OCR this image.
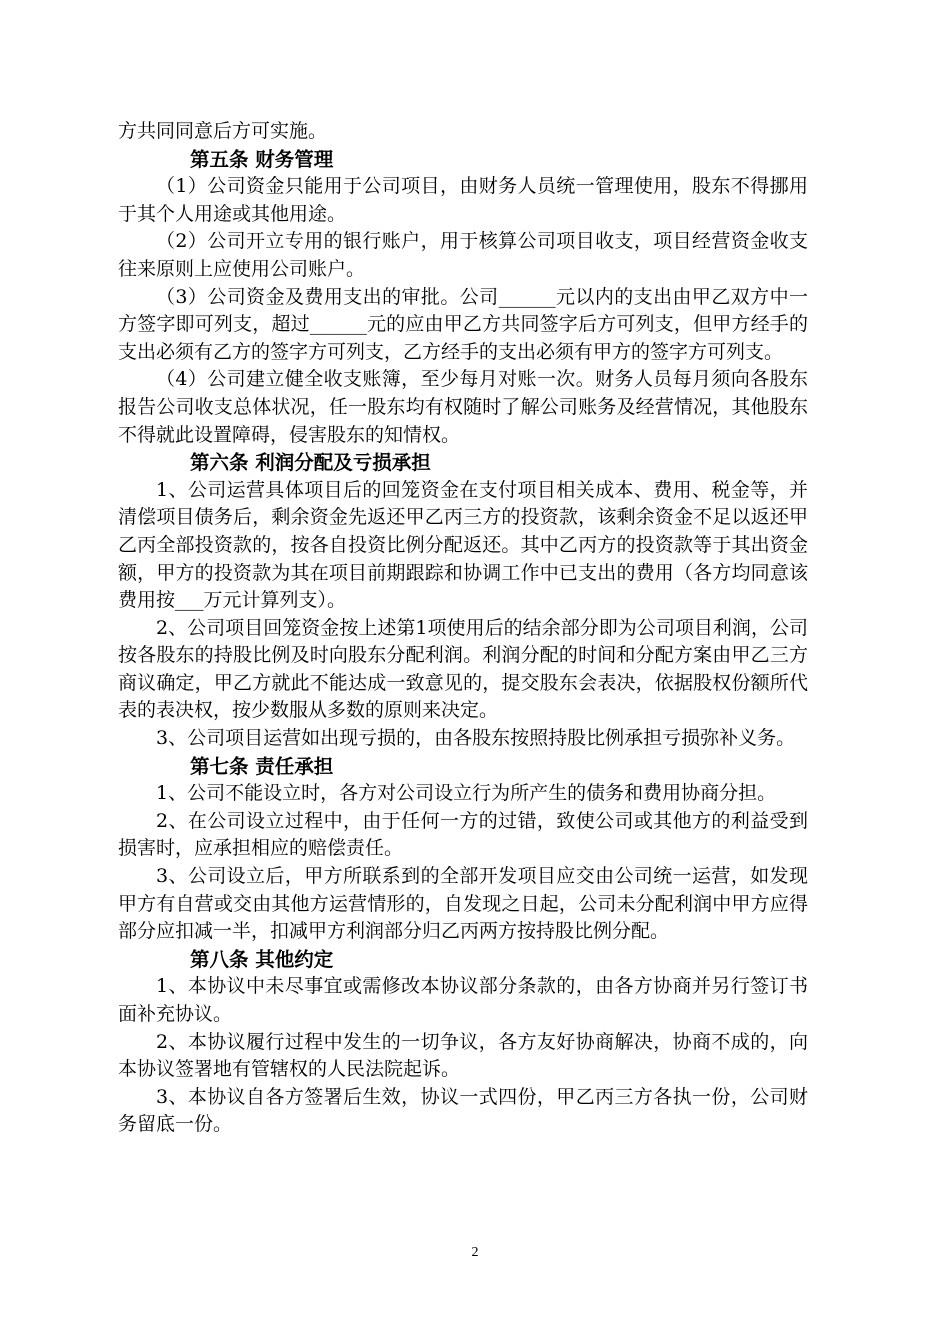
方共同同意后方可实施。
第五条 财务管理
（1）公司资金只能用于公司项目，由财务人员统一管理使用，股东不得挪用于其个人用途或其他用途。
（2）公司开立专用的银行账户，用于核算公司项目收支，项目经营资金收支往来原则上应使用公司账户。
（3）公司资金及费用支出的审批。公司______元以内的支出由甲乙双方中一方签字即可列支，超过______元的应由甲乙方共同签字后方可列支，但甲方经手的支出必须有乙方的签字方可列支，乙方经手的支出必须有甲方的签字方可列支。
（4）公司建立健全收支账簿，至少每月对账一次。财务人员每月须向各股东报告公司收支总体状况，任一股东均有权随时了解公司账务及经营情况，其他股东不得就此设置障碍，侵害股东的知情权。
第六条 利润分配及亏损承担
1、公司运营具体项目后的回笼资金在支付项目相关成本、费用、税金等，并清偿项目债务后，剩余资金先返还甲乙丙三方的投资款，该剩余资金不足以返还甲乙丙全部投资款的，按各自投资比例分配返还。其中乙丙方的投资款等于其出资金额，甲方的投资款为其在项目前期跟踪和协调工作中已支出的费用（各方均同意该费用按___万元计算列支）。
2、公司项目回笼资金按上述第1项使用后的结余部分即为公司项目利润，公司按各股东的持股比例及时向股东分配利润。利润分配的时间和分配方案由甲乙三方商议确定，甲乙方就此不能达成一致意见的，提交股东会表决，依据股权份额所代表的表决权，按少数服从多数的原则来决定。
3、公司项目运营如出现亏损的，由各股东按照持股比例承担亏损弥补义务。
第七条 责任承担
1、公司不能设立时，各方对公司设立行为所产生的债务和费用协商分担。
2、在公司设立过程中，由于任何一方的过错，致使公司或其他方的利益受到损害时，应承担相应的赔偿责任。
3、公司设立后，甲方所联系到的全部开发项目应交由公司统一运营，如发现甲方有自营或交由其他方运营情形的，自发现之日起，公司未分配利润中甲方应得部分应扣减一半，扣减甲方利润部分归乙丙两方按持股比例分配。
第八条 其他约定
1、本协议中未尽事宜或需修改本协议部分条款的，由各方协商并另行签订书面补充协议。
2、本协议履行过程中发生的一切争议，各方友好协商解决，协商不成的，向本协议签署地有管辖权的人民法院起诉。
3、本协议自各方签署后生效，协议一式四份，甲乙丙三方各执一份，公司财务留底一份。
2
